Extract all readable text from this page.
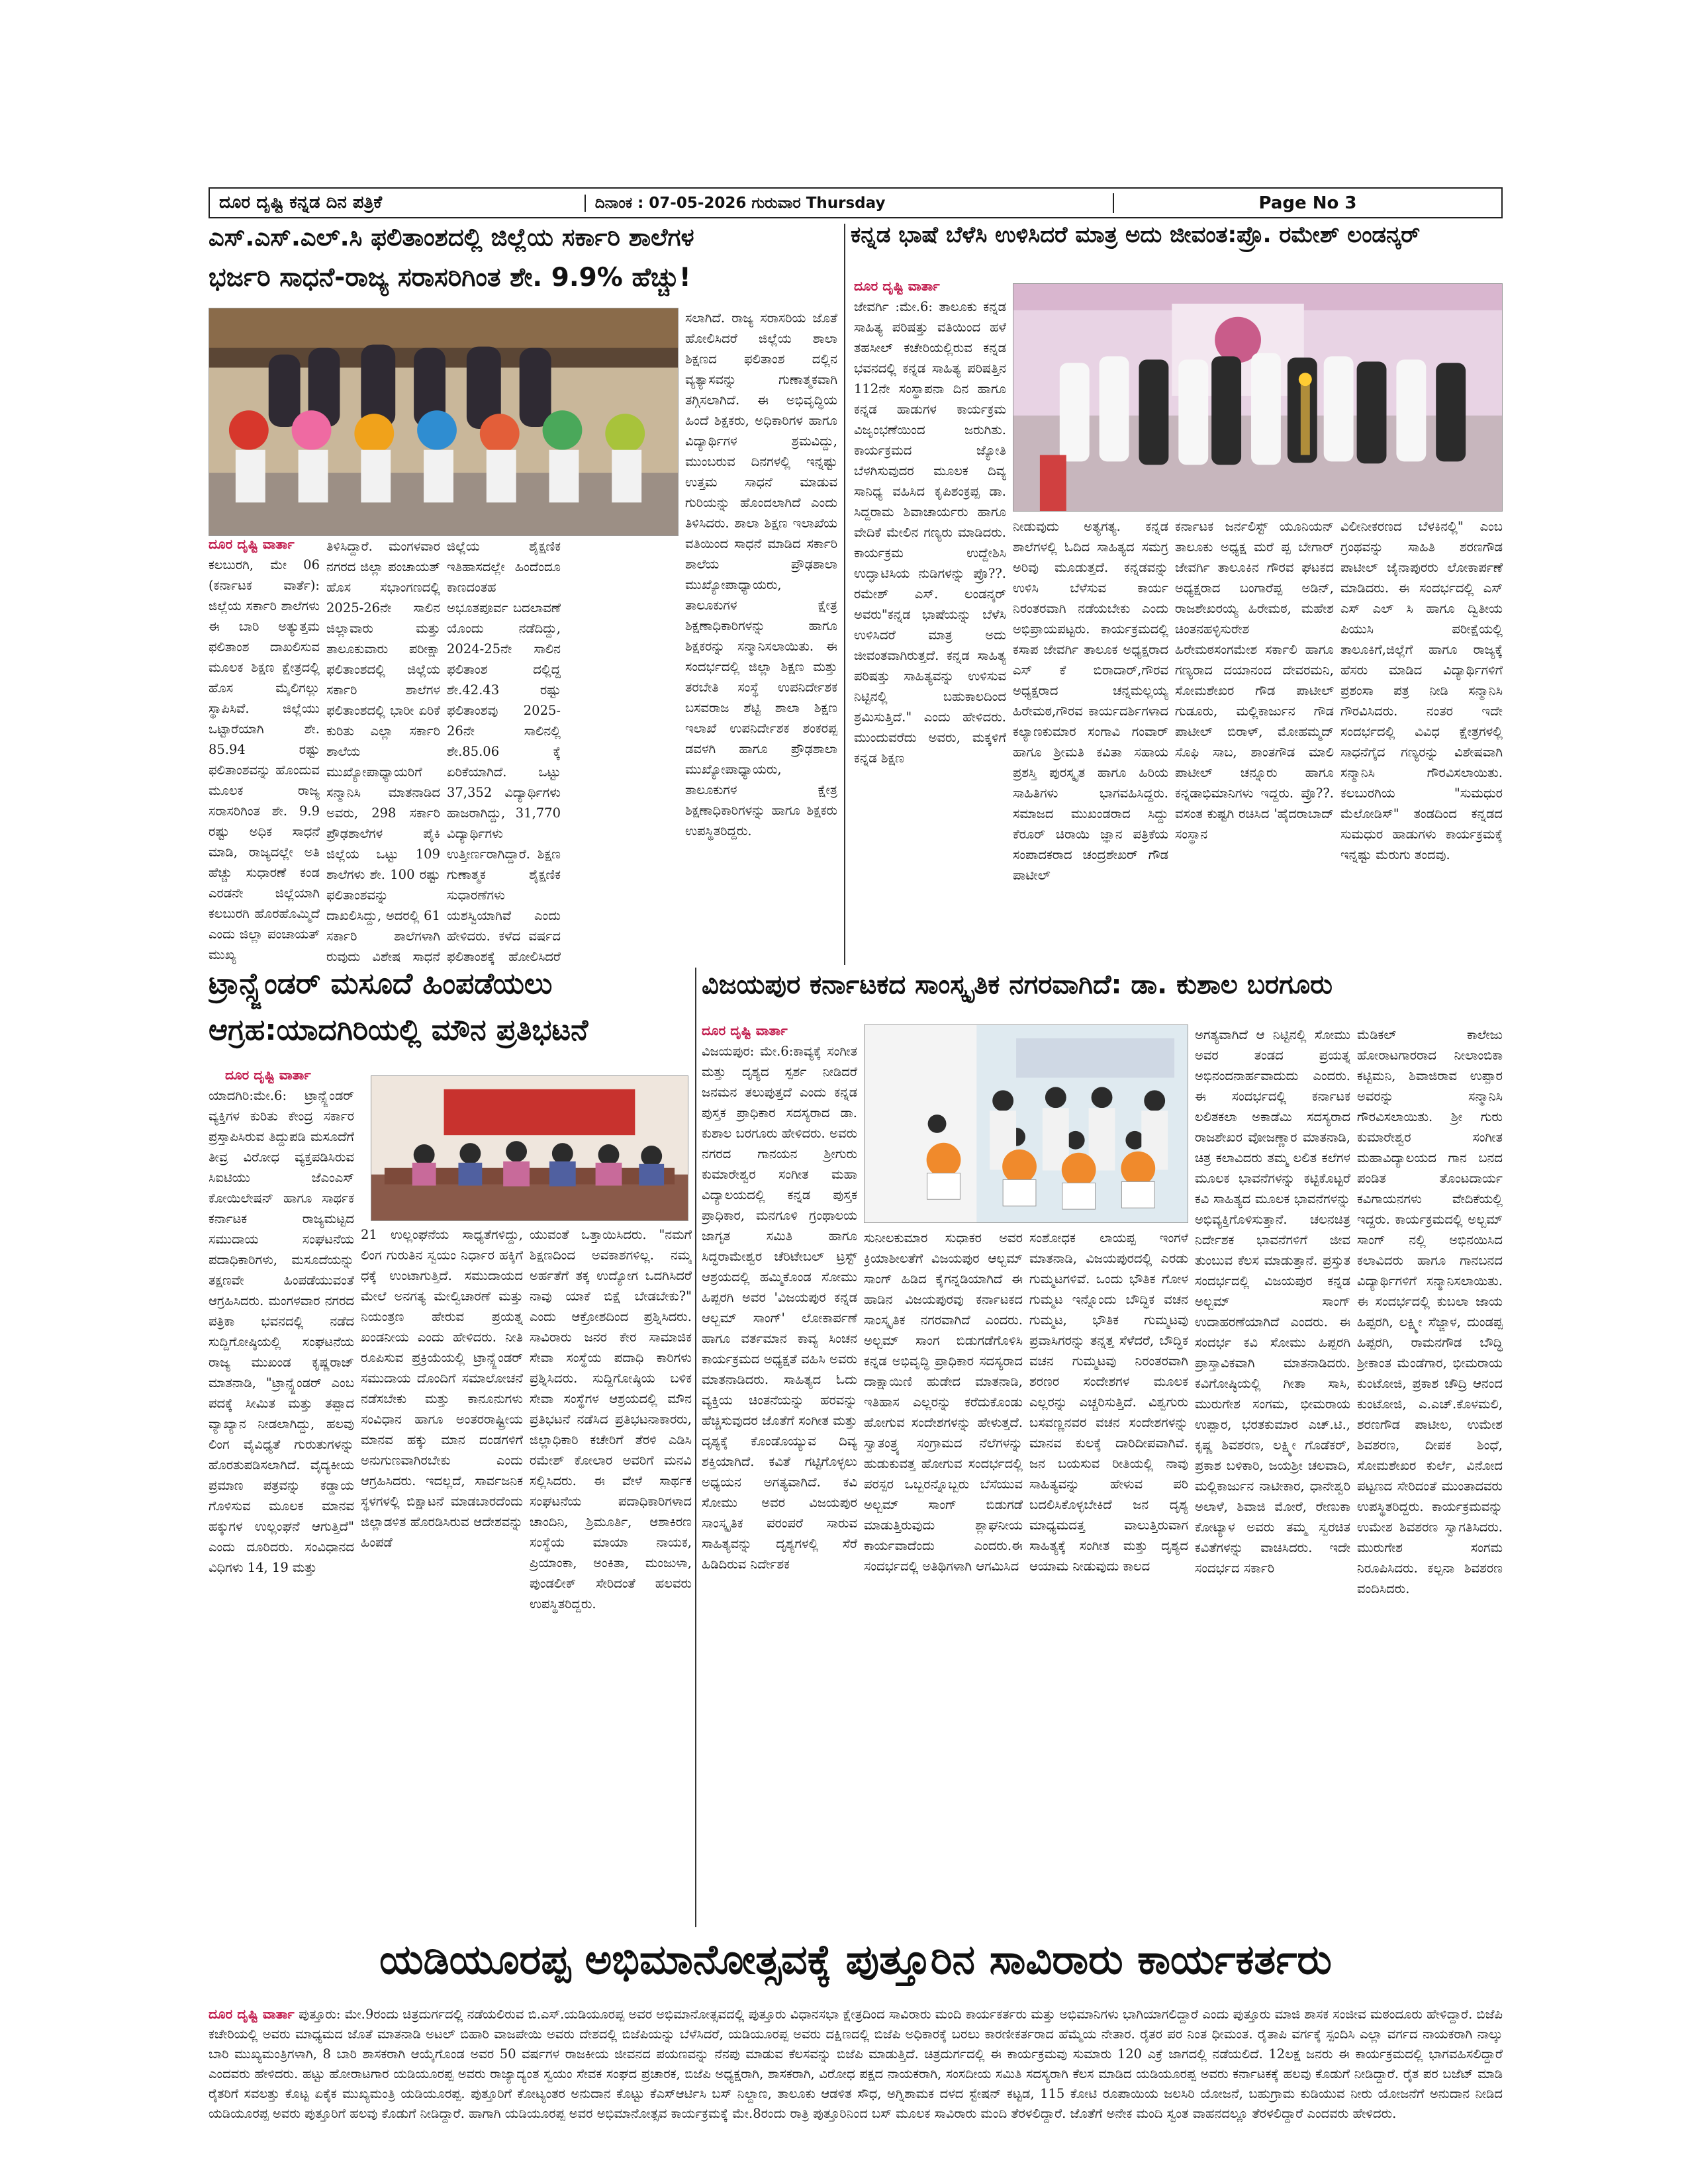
ದೂರ ದೃಷ್ಟಿ ಕನ್ನಡ ದಿನ ಪತ್ರಿಕೆ	ದಿನಾಂಕ : 07-05-2026 ಗುರುವಾರ Thursday	Page No 3
ಎಸ್.ಎಸ್.ಎಲ್.ಸಿ ಫಲಿತಾಂಶದಲ್ಲಿ ಜಿಲ್ಲೆಯ ಸರ್ಕಾರಿ ಶಾಲೆಗಳ
ಭರ್ಜರಿ ಸಾಧನೆ-ರಾಜ್ಯ ಸರಾಸರಿಗಿಂತ ಶೇ. 9.9% ಹೆಚ್ಚು!
ದೂರ ದೃಷ್ಟಿ ವಾರ್ತಾ
ಕಲಬುರಗಿ, ಮೇ 06 (ಕರ್ನಾಟಕ ವಾರ್ತೆ): ಜಿಲ್ಲೆಯ ಸರ್ಕಾರಿ ಶಾಲೆಗಳು ಈ ಬಾರಿ ಅತ್ಯುತ್ತಮ ಫಲಿತಾಂಶ ದಾಖಲಿಸುವ ಮೂಲಕ ಶಿಕ್ಷಣ ಕ್ಷೇತ್ರದಲ್ಲಿ ಹೊಸ ಮೈಲಿಗಲ್ಲು ಸ್ಥಾಪಿಸಿವೆ. ಜಿಲ್ಲೆಯು ಒಟ್ಟಾರೆಯಾಗಿ ಶೇ. 85.94 ರಷ್ಟು ಫಲಿತಾಂಶವನ್ನು ಹೊಂದುವ ಮೂಲಕ ರಾಜ್ಯ ಸರಾಸರಿಗಿಂತ ಶೇ. 9.9 ರಷ್ಟು ಅಧಿಕ ಸಾಧನೆ ಮಾಡಿ, ರಾಜ್ಯದಲ್ಲೇ ಅತಿ ಹೆಚ್ಚು ಸುಧಾರಣೆ ಕಂಡ ಎರಡನೇ ಜಿಲ್ಲೆಯಾಗಿ ಕಲಬುರಗಿ ಹೊರಹೊಮ್ಮಿದೆ ಎಂದು ಜಿಲ್ಲಾ ಪಂಚಾಯತ್ ಮುಖ್ಯ
ತಿಳಿಸಿದ್ದಾರೆ. ಮಂಗಳವಾರ ನಗರದ ಜಿಲ್ಲಾ ಪಂಚಾಯತ್ ಹೊಸ ಸಭಾಂಗಣದಲ್ಲಿ 2025-26ನೇ ಸಾಲಿನ ಜಿಲ್ಲಾವಾರು ಮತ್ತು ತಾಲೂಕುವಾರು ಪರೀಕ್ಷಾ ಫಲಿತಾಂಶದಲ್ಲಿ ಜಿಲ್ಲೆಯ ಸರ್ಕಾರಿ ಶಾಲೆಗಳ ಫಲಿತಾಂಶದಲ್ಲಿ ಭಾರೀ ಏರಿಕೆ ಕುರಿತು ಎಲ್ಲಾ ಸರ್ಕಾರಿ ಶಾಲೆಯ ಮುಖ್ಯೋಪಾಧ್ಯಾಯರಿಗೆ ಸನ್ಮಾನಿಸಿ ಮಾತನಾಡಿದ ಅವರು, 298 ಸರ್ಕಾರಿ ಪ್ರೌಢಶಾಲೆಗಳ ಪೈಕಿ ಜಿಲ್ಲೆಯ ಒಟ್ಟು 109 ಶಾಲೆಗಳು ಶೇ. 100 ರಷ್ಟು ಫಲಿತಾಂಶವನ್ನು ದಾಖಲಿಸಿದ್ದು, ಅದರಲ್ಲಿ 61 ಸರ್ಕಾರಿ ಶಾಲೆಗಳಾಗಿ ರುವುದು ವಿಶೇಷ ಸಾಧನೆ
ಜಿಲ್ಲೆಯ ಶೈಕ್ಷಣಿಕ ಇತಿಹಾಸದಲ್ಲೇ ಹಿಂದೆಂದೂ ಕಾಣದಂತಹ ಅಭೂತಪೂರ್ವ ಬದಲಾವಣೆ ಯೊಂದು ನಡೆದಿದ್ದು, 2024-25ನೇ ಸಾಲಿನ ಫಲಿತಾಂಶ ದಲ್ಲಿದ್ದ ಶೇ.42.43 ರಷ್ಟು ಫಲಿತಾಂಶವು 2025-26ನೇ ಸಾಲಿನಲ್ಲಿ ಶೇ.85.06 ಕ್ಕೆ ಏರಿಕೆಯಾಗಿದೆ. ಒಟ್ಟು 37,352 ವಿದ್ಯಾರ್ಥಿಗಳು ಹಾಜರಾಗಿದ್ದು, 31,770 ವಿದ್ಯಾರ್ಥಿಗಳು ಉತ್ತೀರ್ಣರಾಗಿದ್ದಾರೆ. ಶಿಕ್ಷಣ ಗುಣಾತ್ಮಕ ಶೈಕ್ಷಣಿಕ ಸುಧಾರಣೆಗಳು ಯಶಸ್ವಿಯಾಗಿವೆ ಎಂದು ಹೇಳಿದರು. ಕಳೆದ ವರ್ಷದ ಫಲಿತಾಂಶಕ್ಕೆ ಹೋಲಿಸಿದರೆ
ಸಲಾಗಿದೆ. ರಾಜ್ಯ ಸರಾಸರಿಯ ಜೊತೆ ಹೋಲಿಸಿದರೆ ಜಿಲ್ಲೆಯ ಶಾಲಾ ಶಿಕ್ಷಣದ ಫಲಿತಾಂಶ ದಲ್ಲಿನ ವ್ಯತ್ಯಾಸವನ್ನು ಗುಣಾತ್ಮಕವಾಗಿ ತಗ್ಗಿಸಲಾಗಿದೆ. ಈ ಅಭಿವೃದ್ಧಿಯ ಹಿಂದೆ ಶಿಕ್ಷಕರು, ಅಧಿಕಾರಿಗಳ ಹಾಗೂ ವಿದ್ಯಾರ್ಥಿಗಳ ಶ್ರಮವಿದ್ದು, ಮುಂಬರುವ ದಿನಗಳಲ್ಲಿ ಇನ್ನಷ್ಟು ಉತ್ತಮ ಸಾಧನೆ ಮಾಡುವ ಗುರಿಯನ್ನು ಹೊಂದಲಾಗಿದೆ ಎಂದು ತಿಳಿಸಿದರು. ಶಾಲಾ ಶಿಕ್ಷಣ ಇಲಾಖೆಯ ವತಿಯಿಂದ ಸಾಧನೆ ಮಾಡಿದ ಸರ್ಕಾರಿ ಶಾಲೆಯ ಪ್ರೌಢಶಾಲಾ ಮುಖ್ಯೋಪಾಧ್ಯಾಯರು, ತಾಲೂಕುಗಳ ಕ್ಷೇತ್ರ ಶಿಕ್ಷಣಾಧಿಕಾರಿಗಳನ್ನು ಹಾಗೂ ಶಿಕ್ಷಕರನ್ನು ಸನ್ಮಾನಿಸಲಾಯಿತು. ಈ ಸಂದರ್ಭದಲ್ಲಿ ಜಿಲ್ಲಾ ಶಿಕ್ಷಣ ಮತ್ತು ತರಬೇತಿ ಸಂಸ್ಥೆ ಉಪನಿರ್ದೇಶಕ ಬಸವರಾಜ ಶೆಟ್ಟಿ ಶಾಲಾ ಶಿಕ್ಷಣ ಇಲಾಖೆ ಉಪನಿರ್ದೇಶಕ ಶಂಕರಪ್ಪ ಡವಳಗಿ ಹಾಗೂ ಪ್ರೌಢಶಾಲಾ ಮುಖ್ಯೋಪಾಧ್ಯಾಯರು, ತಾಲೂಕುಗಳ ಕ್ಷೇತ್ರ ಶಿಕ್ಷಣಾಧಿಕಾರಿಗಳನ್ನು ಹಾಗೂ ಶಿಕ್ಷಕರು ಉಪಸ್ಥಿತರಿದ್ದರು.
ಕನ್ನಡ ಭಾಷೆ ಬೆಳೆಸಿ ಉಳಿಸಿದರೆ ಮಾತ್ರ ಅದು ಜೀವಂತ:ಪ್ರೊ. ರಮೇಶ್ ಲಂಡನ್ಕರ್
ದೂರ ದೃಷ್ಟಿ ವಾರ್ತಾ
ಜೇವರ್ಗಿ :ಮೇ.6: ತಾಲೂಕು ಕನ್ನಡ ಸಾಹಿತ್ಯ ಪರಿಷತ್ತು ವತಿಯಿಂದ ಹಳೆ ತಹಸೀಲ್ ಕಚೇರಿಯಲ್ಲಿರುವ ಕನ್ನಡ ಭವನದಲ್ಲಿ ಕನ್ನಡ ಸಾಹಿತ್ಯ ಪರಿಷತ್ತಿನ 112ನೇ ಸಂಸ್ಥಾಪನಾ ದಿನ ಹಾಗೂ ಕನ್ನಡ ಹಾಡುಗಳ ಕಾರ್ಯಕ್ರಮ ವಿಜೃಂಭಣೆಯಿಂದ ಜರುಗಿತು. ಕಾರ್ಯಕ್ರಮದ ಜ್ಯೋತಿ ಬೆಳಗಿಸುವುದರ ಮೂಲಕ ದಿವ್ಯ ಸಾನಿಧ್ಯ ವಹಿಸಿದ ಕೃಪಿಶಂಕ್ರಪ್ಪ ಡಾ. ಸಿದ್ದರಾಮ ಶಿವಾಚಾರ್ಯರು ಹಾಗೂ ವೇದಿಕೆ ಮೇಲಿನ ಗಣ್ಯರು ಮಾಡಿದರು. ಕಾರ್ಯಕ್ರಮ ಉದ್ದೇಶಿಸಿ ಉದ್ಘಾಟಿಸಿಯ ನುಡಿಗಳನ್ನು ಪ್ರೊ??. ರಮೇಶ್ ಎಸ್. ಲಂಡನ್ಕರ್ ಅವರು"ಕನ್ನಡ ಭಾಷೆಯನ್ನು ಬೆಳೆಸಿ ಉಳಿಸಿದರೆ ಮಾತ್ರ ಅದು ಜೀವಂತವಾಗಿರುತ್ತದೆ. ಕನ್ನಡ ಸಾಹಿತ್ಯ ಪರಿಷತ್ತು ಸಾಹಿತ್ಯವನ್ನು ಉಳಿಸುವ ನಿಟ್ಟಿನಲ್ಲಿ ಬಹುಕಾಲದಿಂದ ಶ್ರಮಿಸುತ್ತಿದೆ." ಎಂದು ಹೇಳಿದರು. ಮುಂದುವರೆದು ಅವರು, ಮಕ್ಕಳಿಗೆ ಕನ್ನಡ ಶಿಕ್ಷಣ
ನೀಡುವುದು ಅತ್ಯಗತ್ಯ. ಕನ್ನಡ ಶಾಲೆಗಳಲ್ಲಿ ಓದಿದ ಸಾಹಿತ್ಯದ ಸಮಗ್ರ ಅರಿವು ಮೂಡುತ್ತದೆ. ಕನ್ನಡವನ್ನು ಉಳಿಸಿ ಬೆಳೆಸುವ ಕಾರ್ಯ ನಿರಂತರವಾಗಿ ನಡೆಯಬೇಕು ಎಂದು ಅಭಿಪ್ರಾಯಪಟ್ಟರು. ಕಾರ್ಯಕ್ರಮದಲ್ಲಿ ಕಸಾಪ ಜೇವರ್ಗಿ ತಾಲೂಕ ಅಧ್ಯಕ್ಷರಾದ ಎಸ್ ಕೆ ಬಿರಾದಾರ್,ಗೌರವ ಅಧ್ಯಕ್ಷರಾದ ಚನ್ನಮಲ್ಲಯ್ಯ ಹಿರೇಮಠ,ಗೌರವ ಕಾರ್ಯದರ್ಶಿಗಳಾದ ಕಲ್ಯಾಣಕುಮಾರ ಸಂಗಾವಿ ಗಂವಾರ್ ಹಾಗೂ ಶ್ರೀಮತಿ ಕವಿತಾ ಸಹಾಯ ಪ್ರಶಸ್ತಿ ಪುರಸ್ಕೃತ ಹಾಗೂ ಹಿರಿಯ ಸಾಹಿತಿಗಳು ಭಾಗವಹಿಸಿದ್ದರು. ಸಮಾಜದ ಮುಖಂಡರಾದ ಸಿದ್ದು ಕೆರೂರ್ ಚಿರಾಯಿ ಜ್ಞಾನ ಪತ್ರಿಕೆಯ ಸಂಪಾದಕರಾದ ಚಂದ್ರಶೇಖರ್ ಗೌಡ ಪಾಟೀಲ್
ಕರ್ನಾಟಕ ಜರ್ನಲಿಸ್ಟ್ ಯೂನಿಯನ್ ತಾಲೂಕು ಅಧ್ಯಕ್ಷ ಮರೆ ಪ್ಪ ಬೇಗಾರ್ ಜೇವರ್ಗಿ ತಾಲೂಕಿನ ಗೌರವ ಘಟಕದ ಅಧ್ಯಕ್ಷರಾದ ಬಂಗಾರೆಪ್ಪ ಅಡಿನ್, ರಾಜಶೇಖರಯ್ಯ ಹಿರೇಮಠ, ಮಹೇಶ ಚಿಂತನಹಳ್ಳಿಸುರೇಶ ಹಿರೇಮಠಸಂಗಮೇಶ ಸರ್ಕಾಲಿ ಹಾಗೂ ಗಣ್ಯರಾದ ದಯಾನಂದ ದೇವರಮನಿ, ಸೋಮಶೇಖರ ಗೌಡ ಪಾಟೀಲ್ ಗುಡೂರು, ಮಲ್ಲಿಕಾರ್ಜುನ ಗೌಡ ಪಾಟೀಲ್ ಬಿರಾಳ್, ಮೋಹಮ್ಮದ್ ಸೊಫಿ ಸಾಬ, ಶಾಂತಗೌಡ ಮಾಲಿ ಪಾಟೀಲ್ ಚನ್ನೂರು ಹಾಗೂ ಕನ್ನಡಾಭಿಮಾನಿಗಳು ಇದ್ದರು. ಪ್ರೊ??. ವಸಂತ ಕುಷ್ಟಗಿ ರಚಿಸಿದ 'ಹೈದರಾಬಾದ್ ಸಂಸ್ಥಾನ
ವಿಲೀನೀಕರಣದ ಬೆಳಕಿನಲ್ಲಿ" ಎಂಬ ಗ್ರಂಥವನ್ನು ಸಾಹಿತಿ ಶರಣಗೌಡ ಪಾಟೀಲ್ ಜೈನಾಪುರರು ಲೋಕಾರ್ಪಣೆ ಮಾಡಿದರು. ಈ ಸಂದರ್ಭದಲ್ಲಿ ಎಸ್ ಎಸ್ ಎಲ್ ಸಿ ಹಾಗೂ ದ್ವಿತೀಯ ಪಿಯುಸಿ ಪರೀಕ್ಷೆಯಲ್ಲಿ ತಾಲೂಕಿಗೆ,ಜಿಲ್ಲೆಗೆ ಹಾಗೂ ರಾಜ್ಯಕ್ಕೆ ಹೆಸರು ಮಾಡಿದ ವಿದ್ಯಾರ್ಥಿಗಳಿಗೆ ಪ್ರಶಂಸಾ ಪತ್ರ ನೀಡಿ ಸನ್ಮಾನಿಸಿ ಗೌರವಿಸಿದರು. ನಂತರ ಇದೇ ಸಂದರ್ಭದಲ್ಲಿ ವಿವಿಧ ಕ್ಷೇತ್ರಗಳಲ್ಲಿ ಸಾಧನೆಗೈದ ಗಣ್ಯರನ್ನು ವಿಶೇಷವಾಗಿ ಸನ್ಮಾನಿಸಿ ಗೌರವಿಸಲಾಯಿತು. ಕಲಬುರಗಿಯ "ಸುಮಧುರ ಮೆಲೋಡಿಸ್" ತಂಡದಿಂದ ಕನ್ನಡದ ಸುಮಧುರ ಹಾಡುಗಳು ಕಾರ್ಯಕ್ರಮಕ್ಕೆ ಇನ್ನಷ್ಟು ಮೆರುಗು ತಂದವು.
ಟ್ರಾನ್ಸ್ಜೆಂಡರ್ ಮಸೂದೆ ಹಿಂಪಡೆಯಲು
ಆಗ್ರಹ:ಯಾದಗಿರಿಯಲ್ಲಿ ಮೌನ ಪ್ರತಿಭಟನೆ
ದೂರ ದೃಷ್ಟಿ ವಾರ್ತಾ
ಯಾದಗಿರಿ:ಮೇ.6: ಟ್ರಾನ್ಸ್ಜೆಂಡರ್ ವ್ಯಕ್ತಿಗಳ ಕುರಿತು ಕೇಂದ್ರ ಸರ್ಕಾರ ಪ್ರಸ್ತಾಪಿಸಿರುವ ತಿದ್ದುಪಡಿ ಮಸೂದೆಗೆ ತೀವ್ರ ವಿರೋಧ ವ್ಯಕ್ತಪಡಿಸಿರುವ ಸಿಐಟಿಯು ಜೆಎಂಎಸ್ ಕೋಯಿಲೇಷನ್ ಹಾಗೂ ಸಾರ್ಥಕ ಕರ್ನಾಟಕ ರಾಜ್ಯಮಟ್ಟದ ಸಮುದಾಯ ಸಂಘಟನೆಯ ಪದಾಧಿಕಾರಿಗಳು, ಮಸೂದೆಯನ್ನು ತಕ್ಷಣವೇ ಹಿಂಪಡೆಯುವಂತೆ ಆಗ್ರಹಿಸಿದರು. ಮಂಗಳವಾರ ನಗರದ ಪತ್ರಿಕಾ ಭವನದಲ್ಲಿ ನಡೆದ ಸುದ್ದಿಗೋಷ್ಠಿಯಲ್ಲಿ ಸಂಘಟನೆಯ ರಾಜ್ಯ ಮುಖಂಡ ಕೃಷ್ಣರಾಜ್ ಮಾತನಾಡಿ, "ಟ್ರಾನ್ಸ್ಜೆಂಡರ್ ಎಂಬ ಪದಕ್ಕೆ ಸೀಮಿತ ಮತ್ತು ತಪ್ಪಾದ ವ್ಯಾಖ್ಯಾನ ನೀಡಲಾಗಿದ್ದು, ಹಲವು ಲಿಂಗ ವೈವಿಧ್ಯತೆ ಗುರುತುಗಳನ್ನು ಹೊರತುಪಡಿಸಲಾಗಿದೆ. ವೈದ್ಯಕೀಯ ಪ್ರಮಾಣ ಪತ್ರವನ್ನು ಕಡ್ಡಾಯ ಗೊಳಿಸುವ ಮೂಲಕ ಮಾನವ ಹಕ್ಕುಗಳ ಉಲ್ಲಂಘನೆ ಆಗುತ್ತಿದೆ" ಎಂದು ದೂರಿದರು. ಸಂವಿಧಾನದ ವಿಧಿಗಳು 14, 19 ಮತ್ತು
21 ಉಲ್ಲಂಘನೆಯ ಸಾಧ್ಯತೆಗಳಿದ್ದು, ಲಿಂಗ ಗುರುತಿನ ಸ್ವಯಂ ನಿರ್ಧಾರ ಹಕ್ಕಿಗೆ ಧಕ್ಕೆ ಉಂಟಾಗುತ್ತಿದೆ. ಸಮುದಾಯದ ಮೇಲೆ ಅನಗತ್ಯ ಮೇಲ್ವಿಚಾರಣೆ ಮತ್ತು ನಿಯಂತ್ರಣ ಹೇರುವ ಪ್ರಯತ್ನ ಖಂಡನೀಯ ಎಂದು ಹೇಳಿದರು. ನೀತಿ ರೂಪಿಸುವ ಪ್ರಕ್ರಿಯೆಯಲ್ಲಿ ಟ್ರಾನ್ಸ್ಜೆಂಡರ್ ಸಮುದಾಯ ದೊಂದಿಗೆ ಸಮಾಲೋಚನೆ ನಡೆಸಬೇಕು ಮತ್ತು ಕಾನೂನುಗಳು ಸಂವಿಧಾನ ಹಾಗೂ ಅಂತರರಾಷ್ಟ್ರೀಯ ಮಾನವ ಹಕ್ಕು ಮಾನ ದಂಡಗಳಿಗೆ ಅನುಗುಣವಾಗಿರಬೇಕು ಎಂದು ಆಗ್ರಹಿಸಿದರು. ಇದಲ್ಲದೆ, ಸಾರ್ವಜನಿಕ ಸ್ಥಳಗಳಲ್ಲಿ ಬಿಕ್ಷಾಟನೆ ಮಾಡಬಾರದೆಂದು ಜಿಲ್ಲಾಡಳಿತ ಹೊರಡಿಸಿರುವ ಆದೇಶವನ್ನು ಹಿಂಪಡೆ
ಯುವಂತೆ ಒತ್ತಾಯಿಸಿದರು. "ನಮಗೆ ಶಿಕ್ಷಣದಿಂದ ಅವಕಾಶಗಳಿಲ್ಲ. ನಮ್ಮ ಅರ್ಹತೆಗೆ ತಕ್ಕ ಉದ್ಯೋಗ ಒದಗಿಸಿದರೆ ನಾವು ಯಾಕೆ ಬಿಕ್ಷೆ ಬೇಡಬೇಕು?" ಎಂದು ಆಕ್ರೋಶದಿಂದ ಪ್ರಶ್ನಿಸಿದರು. ಸಾವಿರಾರು ಜನರ ಕೇರ ಸಾಮಾಜಿಕ ಸೇವಾ ಸಂಸ್ಥೆಯ ಪದಾಧಿ ಕಾರಿಗಳು ಪ್ರಶ್ನಿಸಿದರು. ಸುದ್ದಿಗೋಷ್ಠಿಯ ಬಳಿಕ ಸೇವಾ ಸಂಸ್ಥೆಗಳ ಆಶ್ರಯದಲ್ಲಿ ಮೌನ ಪ್ರತಿಭಟನೆ ನಡೆಸಿದ ಪ್ರತಿಭಟನಾಕಾರರು, ಜಿಲ್ಲಾಧಿಕಾರಿ ಕಚೇರಿಗೆ ತೆರಳಿ ಎಡಿಸಿ ರಮೇಶ್ ಕೋಲಾರ ಅವರಿಗೆ ಮನವಿ ಸಲ್ಲಿಸಿದರು. ಈ ವೇಳೆ ಸಾರ್ಥಕ ಸಂಘಟನೆಯ ಪದಾಧಿಕಾರಿಗಳಾದ ಚಾಂದಿನಿ, ಶ್ರಿಮೂರ್ತಿ, ಆಶಾಕಿರಣ ಸಂಸ್ಥೆಯ ಮಾಯಾ ನಾಯಕ, ಪ್ರಿಯಾಂಕಾ, ಅಂಕಿತಾ, ಮಂಜುಳಾ, ಪುಂಡಲೀಕ್ ಸೇರಿದಂತೆ ಹಲವರು ಉಪಸ್ಥಿತರಿದ್ದರು.
ವಿಜಯಪುರ ಕರ್ನಾಟಕದ ಸಾಂಸ್ಕೃತಿಕ ನಗರವಾಗಿದೆ: ಡಾ. ಕುಶಾಲ ಬರಗೂರು
ದೂರ ದೃಷ್ಟಿ ವಾರ್ತಾ
ವಿಜಯಪುರ: ಮೇ.6:ಕಾವ್ಯಕ್ಕೆ ಸಂಗೀತ ಮತ್ತು ದೃಶ್ಯದ ಸ್ಪರ್ಶ ನೀಡಿದರೆ ಜನಮನ ತಲುಪುತ್ತದೆ ಎಂದು ಕನ್ನಡ ಪುಸ್ತಕ ಪ್ರಾಧಿಕಾರ ಸದಸ್ಯರಾದ ಡಾ. ಕುಶಾಲ ಬರಗೂರು ಹೇಳಿದರು. ಅವರು ನಗರದ ಗಾನಯನ ಶ್ರೀಗುರು ಕುಮಾರೇಶ್ವರ ಸಂಗೀತ ಮಹಾ ವಿದ್ಯಾಲಯದಲ್ಲಿ ಕನ್ನಡ ಪುಸ್ತಕ ಪ್ರಾಧಿಕಾರ, ಮನಗೂಳಿ ಗ್ರಂಥಾಲಯ ಜಾಗೃತ ಸಮಿತಿ ಹಾಗೂ ಸಿದ್ಧರಾಮೇಶ್ವರ ಚೆರಿಟೇಬಲ್ ಟ್ರಸ್ಟ್ ಆಶ್ರಯದಲ್ಲಿ ಹಮ್ಮಿಕೊಂಡ ಸೋಮು ಹಿಪ್ಪರಗಿ ಅವರ 'ವಿಜಯಪುರ ಕನ್ನಡ ಆಲ್ಬಮ್ ಸಾಂಗ್' ಲೋಕಾರ್ಪಣೆ ಹಾಗೂ ವರ್ತಮಾನ ಕಾವ್ಯ ಸಿಂಚನ ಕಾರ್ಯಕ್ರಮದ ಅಧ್ಯಕ್ಷತೆ ವಹಿಸಿ ಅವರು ಮಾತನಾಡಿದರು. ಸಾಹಿತ್ಯದ ಓದು ವ್ಯಕ್ತಿಯ ಚಿಂತನೆಯನ್ನು ಹರವನ್ನು ಹೆಚ್ಚಿಸುವುದರ ಜೊತೆಗೆ ಸಂಗೀತ ಮತ್ತು ದೃಶ್ಯಕ್ಕೆ ಕೊಂಡೊಯ್ಯುವ ದಿವ್ಯ ಶಕ್ತಿಯಾಗಿದೆ. ಕವಿತೆ ಗಟ್ಟಿಗೊಳ್ಳಲು ಅಧ್ಯಯನ ಅಗತ್ಯವಾಗಿದೆ. ಕವಿ ಸೋಮು ಅವರ ವಿಜಯಪುರ ಸಾಂಸ್ಕೃತಿಕ ಪರಂಪರೆ ಸಾರುವ ಸಾಹಿತ್ಯವನ್ನು ದೃಶ್ಯಗಳಲ್ಲಿ ಸೆರೆ ಹಿಡಿದಿರುವ ನಿರ್ದೇಶಕ
ಸುನೀಲಕುಮಾರ ಸುಧಾಕರ ಅವರ ಕ್ರಿಯಾಶೀಲತೆಗೆ ವಿಜಯಪುರ ಆಲ್ಬಮ್ ಸಾಂಗ್ ಹಿಡಿದ ಕೈಗನ್ನಡಿಯಾಗಿದೆ ಈ ಹಾಡಿನ ವಿಜಯಪುರವು ಕರ್ನಾಟಕದ ಸಾಂಸ್ಕೃತಿಕ ನಗರವಾಗಿದೆ ಎಂದರು. ಅಲ್ಬಮ್ ಸಾಂಗ ಬಿಡುಗಡೆಗೊಳಿಸಿ ಕನ್ನಡ ಅಭಿವೃದ್ಧಿ ಪ್ರಾಧಿಕಾರ ಸದಸ್ಯರಾದ ದಾಕ್ಷಾಯಿಣಿ ಹುಡೇದ ಮಾತನಾಡಿ, ಇತಿಹಾಸ ಎಲ್ಲರನ್ನು ಕರೆದುಕೊಂಡು ಹೋಗುವ ಸಂದೇಶಗಳನ್ನು ಹೇಳುತ್ತದೆ. ಸ್ವಾತಂತ್ರ್ಯ ಸಂಗ್ರಾಮದ ನೆಲೆಗಳನ್ನು ಹುಡುಕುವತ್ತ ಹೋಗುವ ಸಂದರ್ಭದಲ್ಲಿ ಪರಸ್ಪರ ಒಬ್ಬರನ್ನೊಬ್ಬರು ಬೆಸೆಯುವ ಅಲ್ಬಮ್ ಸಾಂಗ್ ಬಿಡುಗಡೆ ಮಾಡುತ್ತಿರುವುದು ಶ್ಲಾಘನೀಯ ಕಾರ್ಯವಾದೆಂದು ಎಂದರು.ಈ ಸಂದರ್ಭದಲ್ಲಿ ಅತಿಥಿಗಳಾಗಿ ಆಗಮಿಸಿದ
ಸಂಶೋಧಕ ಲಾಯಪ್ಪ ಇಂಗಳೆ ಮಾತನಾಡಿ, ವಿಜಯಪುರದಲ್ಲಿ ಎರಡು ಗುಮ್ಮಟಗಳಿವೆ. ಒಂದು ಭೌತಿಕ ಗೋಳ ಗುಮ್ಮಟ ಇನ್ನೊಂದು ಬೌದ್ಧಿಕ ವಚನ ಗುಮ್ಮಟ, ಭೌತಿಕ ಗುಮ್ಮಟವು ಪ್ರವಾಸಿಗರನ್ನು ತನ್ನತ್ತ ಸೆಳೆದರೆ, ಬೌದ್ಧಿಕ ವಚನ ಗುಮ್ಮಟವು ನಿರಂತರವಾಗಿ ಶರಣರ ಸಂದೇಶಗಳ ಮೂಲಕ ಎಲ್ಲರನ್ನು ಎಚ್ಚರಿಸುತ್ತಿದೆ. ವಿಶ್ವಗುರು ಬಸವಣ್ಣನವರ ವಚನ ಸಂದೇಶಗಳನ್ನು ಮಾನವ ಕುಲಕ್ಕೆ ದಾರಿದೀಪವಾಗಿವೆ. ಜನ ಬಯಸುವ ರೀತಿಯಲ್ಲಿ ನಾವು ಸಾಹಿತ್ಯವನ್ನು ಹೇಳುವ ಪರಿ ಬದಲಿಸಿಕೊಳ್ಳಬೇಕಿದೆ ಜನ ದೃಶ್ಯ ಮಾಧ್ಯಮದತ್ತ ವಾಲುತ್ತಿರುವಾಗ ಸಾಹಿತ್ಯಕ್ಕೆ ಸಂಗೀತ ಮತ್ತು ದೃಶ್ಯದ ಆಯಾಮ ನೀಡುವುದು ಕಾಲದ
ಅಗತ್ಯವಾಗಿದೆ ಆ ನಿಟ್ಟಿನಲ್ಲಿ ಸೋಮು ಅವರ ತಂಡದ ಪ್ರಯತ್ನ ಅಭಿನಂದನಾರ್ಹವಾದುದು ಎಂದರು. ಈ ಸಂದರ್ಭದಲ್ಲಿ ಕರ್ನಾಟಕ ಲಲಿತಕಲಾ ಅಕಾಡೆಮಿ ಸದಸ್ಯರಾದ ರಾಜಶೇಖರ ವೋಜಣ್ಣಾರ ಮಾತನಾಡಿ, ಚಿತ್ರ ಕಲಾವಿದರು ತಮ್ಮ ಲಲಿತ ಕಲೆಗಳ ಮೂಲಕ ಭಾವನೆಗಳನ್ನು ಕಟ್ಟಿಕೊಟ್ಟರೆ ಕವಿ ಸಾಹಿತ್ಯದ ಮೂಲಕ ಭಾವನೆಗಳನ್ನು ಅಭಿವ್ಯಕ್ತಿಗೊಳಿಸುತ್ತಾನೆ. ಚಲನಚಿತ್ರ ನಿರ್ದೇಶಕ ಭಾವನೆಗಳಿಗೆ ಜೀವ ತುಂಬುವ ಕೆಲಸ ಮಾಡುತ್ತಾನೆ. ಪ್ರಸ್ತುತ ಸಂದರ್ಭದಲ್ಲಿ ವಿಜಯಪುರ ಕನ್ನಡ ಅಲ್ಬಮ್ ಸಾಂಗ್ ಉದಾಹರಣೆಯಾಗಿದೆ ಎಂದರು. ಈ ಸಂದರ್ಭ ಕವಿ ಸೋಮು ಹಿಪ್ಪರಗಿ ಪ್ರಾಸ್ತಾವಿಕವಾಗಿ ಮಾತನಾಡಿದರು. ಕವಿಗೋಷ್ಠಿಯಲ್ಲಿ ಗೀತಾ ಸಾಸಿ, ಮುರುಗೇಶ ಸಂಗಮ, ಭೀಮರಾಯ ಉಪ್ಪಾರ, ಭರತಕುಮಾರ ಎಚ್.ಟಿ., ಕೃಷ್ಣ ಶಿವಶರಣ, ಲಕ್ಷ್ಮೀ ಗೊಡೆಕರ್, ಪ್ರಕಾಶ ಬಳಿಕಾರಿ, ಜಯಶ್ರೀ ಚಲವಾದಿ, ಮಲ್ಲಿಕಾರ್ಜುನ ನಾಟೀಕಾರ, ಧಾನೇಶ್ವರಿ ಅಲಾಳೆ, ಶಿವಾಜಿ ಮೋರೆ, ರೇಣುಕಾ ಕೋಟ್ಯಾಳ ಅವರು ತಮ್ಮ ಸ್ವರಚಿತ ಕವಿತೆಗಳನ್ನು ವಾಚಿಸಿದರು. ಇದೇ ಸಂದರ್ಭದ ಸರ್ಕಾರಿ
ಮೆಡಿಕಲ್ ಕಾಲೇಜು ಹೋರಾಟಗಾರರಾದ ನೀಲಾಂಬಿಕಾ ಕಟ್ಟಿಮನಿ, ಶಿವಾಜಿರಾವ ಉಪ್ಪಾರ ಅವರನ್ನು ಸನ್ಮಾನಿಸಿ ಗೌರವಿಸಲಾಯಿತು. ಶ್ರೀ ಗುರು ಕುಮಾರೇಶ್ವರ ಸಂಗೀತ ಮಹಾವಿದ್ಯಾಲಯದ ಗಾನ ಬನದ ಪಂಡಿತ ತೊಂಟದಾರ್ಯ ಕವಿಗಾಯನಗಳು ವೇದಿಕೆಯಲ್ಲಿ ಇದ್ದರು. ಕಾರ್ಯಕ್ರಮದಲ್ಲಿ ಅಲ್ಬಮ್ ಸಾಂಗ್ ನಲ್ಲಿ ಅಭಿನಯಿಸಿದ ಕಲಾವಿದರು ಹಾಗೂ ಗಾನಬನದ ವಿದ್ಯಾರ್ಥಿಗಳಿಗೆ ಸನ್ಮಾನಿಸಲಾಯಿತು. ಈ ಸಂದರ್ಭದಲ್ಲಿ ಕುಬಲಾ ಜಾಯ ಹಿಪ್ಪರಗಿ, ಲಕ್ಷ್ಮೀ ಸೆಜ್ಜಾಳ, ದುಂಡಪ್ಪ ಹಿಪ್ಪರಗಿ, ರಾಮನಗೌಡ ಬೌದ್ಧಿ ಶ್ರೀಕಾಂತ ಮೆಂಡೆಗಾರ, ಭೀಮರಾಯ ಕುಂಟೋಜಿ, ಪ್ರಕಾಶ ಚೌದ್ರಿ ಆನಂದ ಕುಂಟೋಜಿ, ಎ.ಎಚ್.ಕೊಳಮಲಿ, ಶರಣಗೌಡ ಪಾಟೀಲ, ಉಮೇಶ ಶಿವಶರಣ, ದೀಪಕ ಶಿಂಧೆ, ಸೋಮಶೇಖರ ಕುರ್ಲೆ, ವಿನೋದ ಪಟ್ಟಣದ ಸೇರಿದಂತೆ ಮುಂತಾದವರು ಉಪಸ್ಥಿತರಿದ್ದರು. ಕಾರ್ಯಕ್ರಮವನ್ನು ಉಮೇಶ ಶಿವಶರಣ ಸ್ವಾಗತಿಸಿದರು. ಮುರುಗೇಶ ಸಂಗಮ ನಿರೂಪಿಸಿದರು. ಕಲ್ಪನಾ ಶಿವಶರಣ ವಂದಿಸಿದರು.
ಯಡಿಯೂರಪ್ಪ ಅಭಿಮಾನೋತ್ಸವಕ್ಕೆ ಪುತ್ತೂರಿನ ಸಾವಿರಾರು ಕಾರ್ಯಕರ್ತರು
ದೂರ ದೃಷ್ಟಿ ವಾರ್ತಾ ಪುತ್ತೂರು: ಮೇ.9ರಂದು ಚಿತ್ರದುರ್ಗದಲ್ಲಿ ನಡೆಯಲಿರುವ ಬಿ.ಎಸ್.ಯಡಿಯೂರಪ್ಪ ಅವರ ಅಭಿಮಾನೋತ್ಸವದಲ್ಲಿ ಪುತ್ತೂರು ವಿಧಾನಸಭಾ ಕ್ಷೇತ್ರದಿಂದ ಸಾವಿರಾರು ಮಂದಿ ಕಾರ್ಯಕರ್ತರು ಮತ್ತು ಅಭಿಮಾನಿಗಳು ಭಾಗಿಯಾಗಲಿದ್ದಾರೆ ಎಂದು ಪುತ್ತೂರು ಮಾಜಿ ಶಾಸಕ ಸಂಜೀವ ಮಠಂದೂರು ಹೇಳಿದ್ದಾರೆ. ಬಿಜೆಪಿ ಕಚೇರಿಯಲ್ಲಿ ಅವರು ಮಾಧ್ಯಮದ ಜೊತೆ ಮಾತನಾಡಿ ಅಟಲ್ ಬಿಹಾರಿ ವಾಜಪೇಯಿ ಅವರು ದೇಶದಲ್ಲಿ ಬಿಜೆಪಿಯನ್ನು ಬೆಳೆಸಿದರೆ, ಯಡಿಯೂರಪ್ಪ ಅವರು ದಕ್ಷಿಣದಲ್ಲಿ ಬಿಜೆಪಿ ಅಧಿಕಾರಕ್ಕೆ ಬರಲು ಕಾರಣೀಕರ್ತರಾದ ಹೆಮ್ಮೆಯ ನೇತಾರ. ರೈತರ ಪರ ನಿಂತ ಧೀಮಂತ. ರೈತಾಪಿ ವರ್ಗಕ್ಕೆ ಸ್ಪಂದಿಸಿ ಎಲ್ಲಾ ವರ್ಗದ ನಾಯಕರಾಗಿ ನಾಲ್ಕು ಬಾರಿ ಮುಖ್ಯಮಂತ್ರಿಗಳಾಗಿ, 8 ಬಾರಿ ಶಾಸಕರಾಗಿ ಆಯ್ಕೆಗೊಂಡ ಅವರ 50 ವರ್ಷಗಳ ರಾಜಕೀಯ ಜೀವನದ ಪಯಣವನ್ನು ನೆನಪು ಮಾಡುವ ಕೆಲಸವನ್ನು ಬಿಜೆಪಿ ಮಾಡುತ್ತಿದೆ. ಚಿತ್ರದುರ್ಗದಲ್ಲಿ ಈ ಕಾರ್ಯಕ್ರಮವು ಸುಮಾರು 120 ಎಕ್ರೆ ಜಾಗದಲ್ಲಿ ನಡೆಯಲಿದೆ. 12ಲಕ್ಷ ಜನರು ಈ ಕಾರ್ಯಕ್ರಮದಲ್ಲಿ ಭಾಗವಹಿಸಲಿದ್ದಾರೆ ಎಂದವರು ಹೇಳಿದರು. ಹಟ್ಟು ಹೋರಾಟಗಾರ ಯಡಿಯೂರಪ್ಪ ಅವರು ರಾಜ್ಯಾದ್ಯಂತ ಸ್ವಯಂ ಸೇವಕ ಸಂಘದ ಪ್ರಚಾರಕ, ಬಿಜೆಪಿ ಅಧ್ಯಕ್ಷರಾಗಿ, ಶಾಸಕರಾಗಿ, ವಿರೋಧ ಪಕ್ಷದ ನಾಯಕರಾಗಿ, ಸಂಸದೀಯ ಸಮಿತಿ ಸದಸ್ಯರಾಗಿ ಕೆಲಸ ಮಾಡಿದ ಯಡಿಯೂರಪ್ಪ ಅವರು ಕರ್ನಾಟಕಕ್ಕೆ ಹಲವು ಕೊಡುಗೆ ನೀಡಿದ್ದಾರೆ. ರೈತ ಪರ ಬಜೆಟ್ ಮಾಡಿ ರೈತರಿಗೆ ಸವಲತ್ತು ಕೊಟ್ಟ ಏಕೈಕ ಮುಖ್ಯಮಂತ್ರಿ ಯಡಿಯೂರಪ್ಪ. ಪುತ್ತೂರಿಗೆ ಕೋಟ್ಯಂತರ ಅನುದಾನ ಕೊಟ್ಟು ಕೆಎಸ್ಆರ್ಟಿಸಿ ಬಸ್ ನಿಲ್ದಾಣ, ತಾಲೂಕು ಆಡಳಿತ ಸೌಧ, ಅಗ್ನಿಶಾಮಕ ದಳದ ಸ್ಟೇಷನ್ ಕಟ್ಟಡ, 115 ಕೋಟಿ ರೂಪಾಯಿಯ ಜಲಸಿರಿ ಯೋಜನೆ, ಬಹುಗ್ರಾಮ ಕುಡಿಯುವ ನೀರು ಯೋಜನೆಗೆ ಅನುದಾನ ನೀಡಿದ ಯಡಿಯೂರಪ್ಪ ಅವರು ಪುತ್ತೂರಿಗೆ ಹಲವು ಕೊಡುಗೆ ನೀಡಿದ್ದಾರೆ. ಹಾಗಾಗಿ ಯಡಿಯೂರಪ್ಪ ಅವರ ಅಭಿಮಾನೋತ್ಸವ ಕಾರ್ಯಕ್ರಮಕ್ಕೆ ಮೇ.8ರಂದು ರಾತ್ರಿ ಪುತ್ತೂರಿನಿಂದ ಬಸ್ ಮೂಲಕ ಸಾವಿರಾರು ಮಂದಿ ತೆರಳಲಿದ್ದಾರೆ. ಜೊತೆಗೆ ಅನೇಕ ಮಂದಿ ಸ್ವಂತ ವಾಹನದಲ್ಲೂ ತೆರಳಲಿದ್ದಾರೆ ಎಂದವರು ಹೇಳಿದರು.
